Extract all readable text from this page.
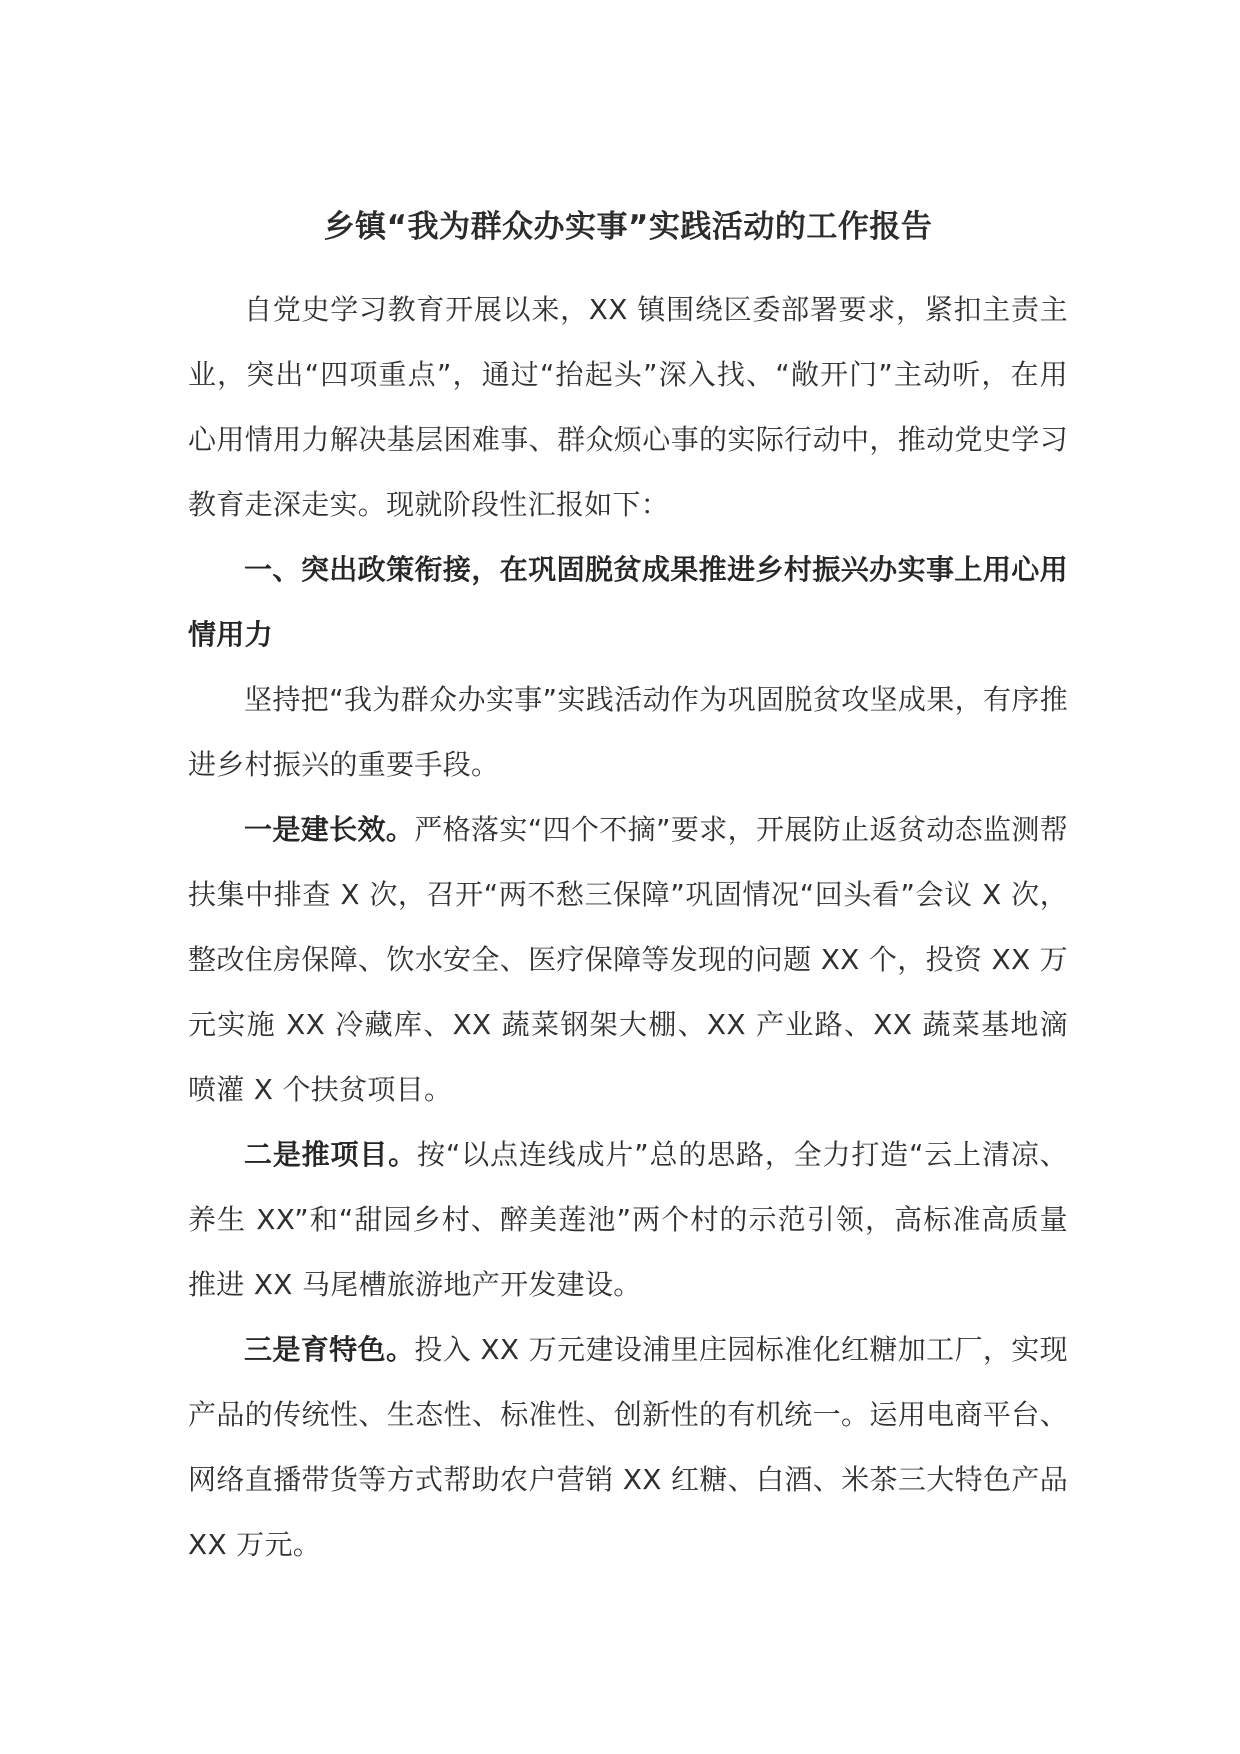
乡镇“我为群众办实事”实践活动的工作报告

自党史学习教育开展以来，XX 镇围绕区委部署要求，紧扣主责主业，突出“四项重点”，通过“抬起头”深入找、“敞开门”主动听，在用心用情用力解决基层困难事、群众烦心事的实际行动中，推动党史学习教育走深走实。现就阶段性汇报如下：

一、突出政策衔接，在巩固脱贫成果推进乡村振兴办实事上用心用情用力

坚持把“我为群众办实事”实践活动作为巩固脱贫攻坚成果，有序推进乡村振兴的重要手段。

一是建长效。严格落实“四个不摘”要求，开展防止返贫动态监测帮扶集中排查 X 次，召开“两不愁三保障”巩固情况“回头看”会议 X 次，整改住房保障、饮水安全、医疗保障等发现的问题 XX 个，投资 XX 万元实施 XX 冷藏库、XX 蔬菜钢架大棚、XX 产业路、XX 蔬菜基地滴喷灌 X 个扶贫项目。

二是推项目。按“以点连线成片”总的思路，全力打造“云上清凉、养生 XX”和“甜园乡村、醉美莲池”两个村的示范引领，高标准高质量推进 XX 马尾槽旅游地产开发建设。

三是育特色。投入 XX 万元建设浦里庄园标准化红糖加工厂，实现产品的传统性、生态性、标准性、创新性的有机统一。运用电商平台、网络直播带货等方式帮助农户营销 XX 红糖、白酒、米茶三大特色产品 XX 万元。
